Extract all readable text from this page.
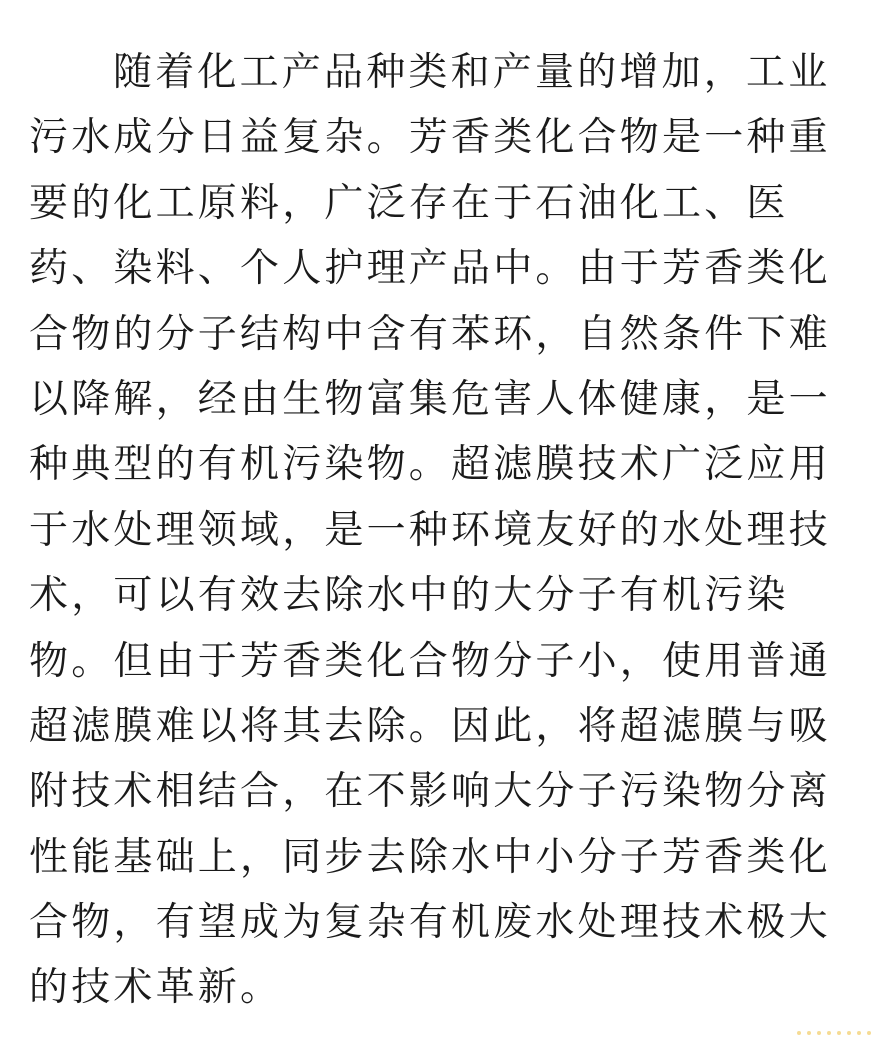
随着化工产品种类和产量的增加，工业
污水成分日益复杂。芳香类化合物是一种重
要的化工原料，广泛存在于石油化工、医
药、染料、个人护理产品中。由于芳香类化
合物的分子结构中含有苯环，自然条件下难
以降解，经由生物富集危害人体健康，是一
种典型的有机污染物。超滤膜技术广泛应用
于水处理领域，是一种环境友好的水处理技
术，可以有效去除水中的大分子有机污染
物。但由于芳香类化合物分子小，使用普通
超滤膜难以将其去除。因此，将超滤膜与吸
附技术相结合，在不影响大分子污染物分离
性能基础上，同步去除水中小分子芳香类化
合物，有望成为复杂有机废水处理技术极大
的技术革新。
